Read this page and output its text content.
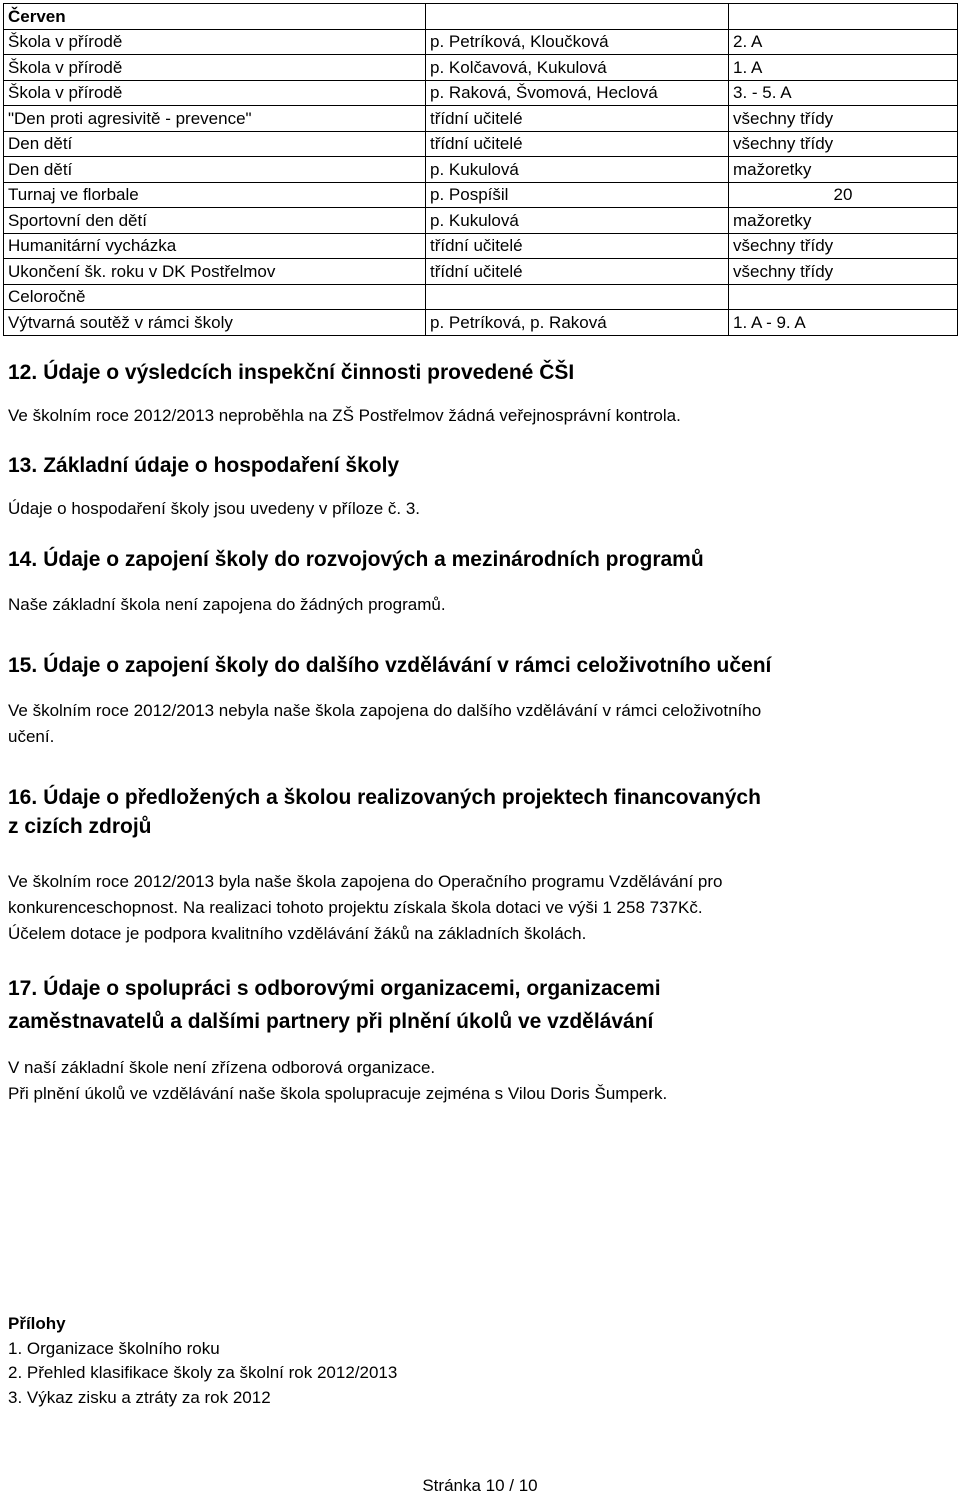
Červen		
Škola v přírodě	p. Petríková, Kloučková	2. A
Škola v přírodě	p. Kolčavová, Kukulová	1. A
Škola v přírodě	p. Raková, Švomová, Heclová	3. - 5. A
"Den proti agresivitě - prevence"	třídní učitelé	všechny třídy
Den dětí	třídní učitelé	všechny třídy
Den dětí	p. Kukulová	mažoretky
Turnaj ve florbale	p. Pospíšil	20
Sportovní den dětí	p. Kukulová	mažoretky
Humanitární vycházka	třídní učitelé	všechny třídy
Ukončení šk. roku v DK Postřelmov	třídní učitelé	všechny třídy
Celoročně		
Výtvarná soutěž v rámci školy	p. Petríková, p. Raková	1. A - 9. A
12. Údaje o výsledcích inspekční činnosti provedené ČŠI
Ve školním roce 2012/2013 neproběhla na ZŠ Postřelmov žádná veřejnosprávní kontrola.
13. Základní údaje o hospodaření školy
Údaje o hospodaření školy jsou uvedeny v příloze č. 3.
14. Údaje o zapojení školy do rozvojových a mezinárodních programů
Naše základní škola není zapojena do žádných programů.
15. Údaje o zapojení školy do dalšího vzdělávání v rámci celoživotního učení
Ve školním roce 2012/2013 nebyla naše škola zapojena do dalšího vzdělávání v rámci celoživotního
učení.
16. Údaje o předložených a školou realizovaných projektech financovaných
z cizích zdrojů
Ve školním roce 2012/2013 byla naše škola zapojena do Operačního programu Vzdělávání pro
konkurenceschopnost. Na realizaci tohoto projektu získala škola dotaci ve výši 1 258 737Kč.
Účelem dotace je podpora kvalitního vzdělávání žáků na základních školách.
17. Údaje o spolupráci s odborovými organizacemi, organizacemi
zaměstnavatelů a dalšími partnery při plnění úkolů ve vzdělávání
V naší základní škole není zřízena odborová organizace.
Při plnění úkolů ve vzdělávání naše škola spolupracuje zejména s Vilou Doris Šumperk.
Přílohy
1. Organizace školního roku
2. Přehled klasifikace školy za školní rok 2012/2013
3. Výkaz zisku a ztráty za rok 2012
Stránka 10 / 10
